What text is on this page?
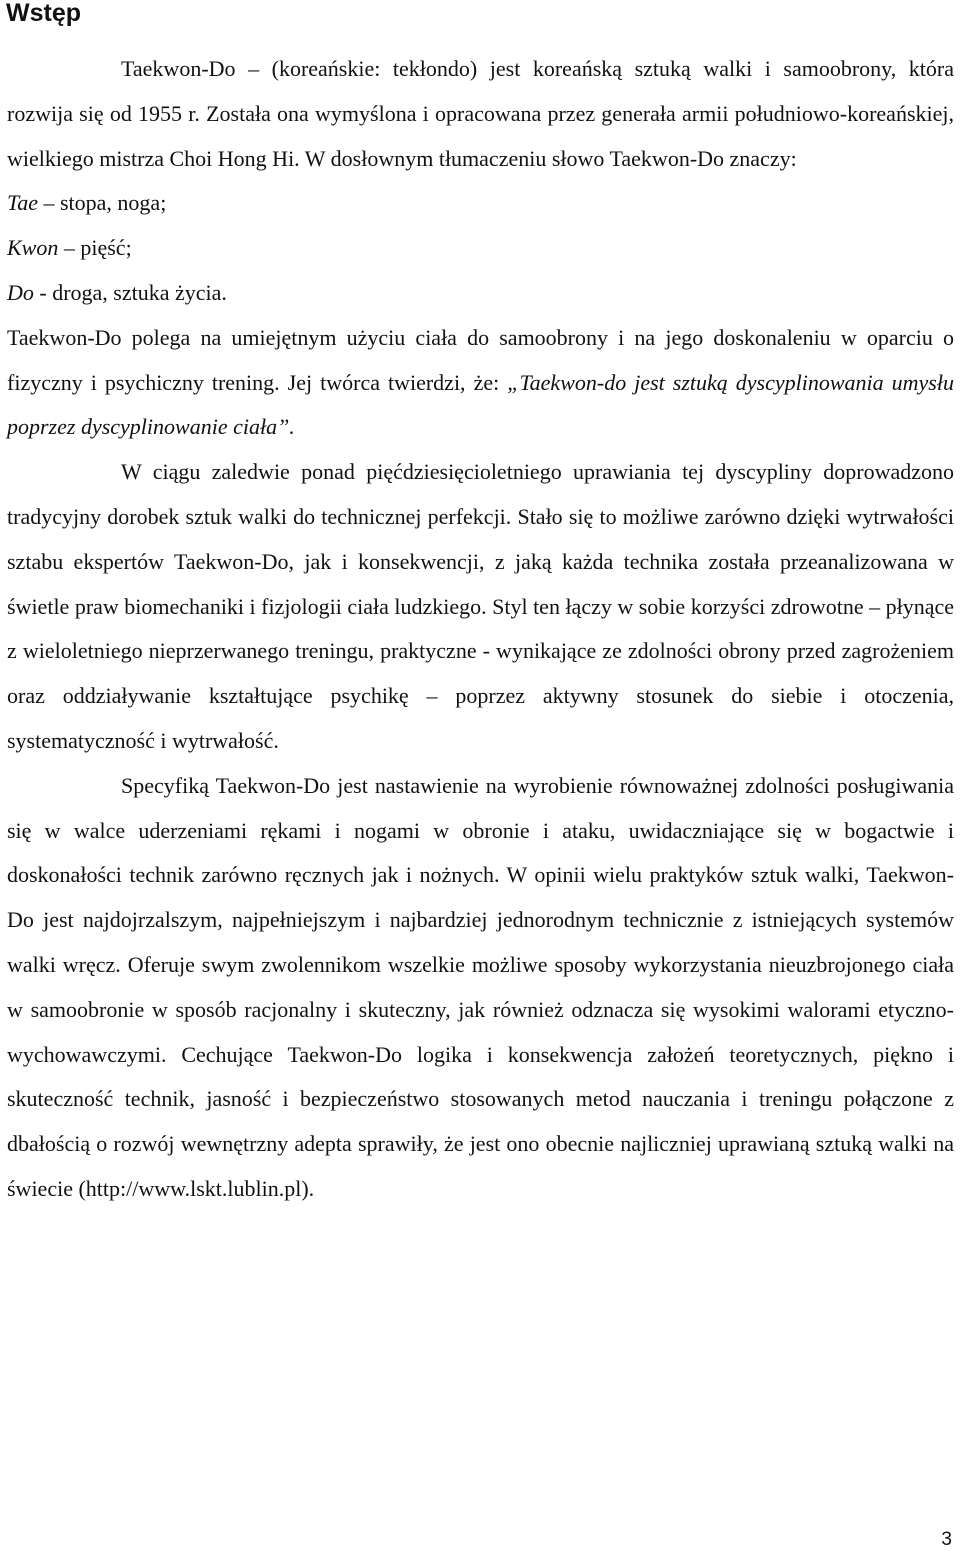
Wstęp

Taekwon-Do – (koreańskie: tekłondo) jest koreańską sztuką walki i samoobrony, która rozwija się od 1955 r. Została ona wymyślona i opracowana przez generała armii południowo-koreańskiej, wielkiego mistrza Choi Hong Hi. W dosłownym tłumaczeniu słowo Taekwon-Do znaczy:

Tae – stopa, noga;

Kwon – pięść;

Do - droga, sztuka życia.

Taekwon-Do polega na umiejętnym użyciu ciała do samoobrony i na jego doskonaleniu w oparciu o fizyczny i psychiczny trening. Jej twórca twierdzi, że: „Taekwon-do jest sztuką dyscyplinowania umysłu poprzez dyscyplinowanie ciała”.

W ciągu zaledwie ponad pięćdziesięcioletniego uprawiania tej dyscypliny doprowadzono tradycyjny dorobek sztuk walki do technicznej perfekcji. Stało się to możliwe zarówno dzięki wytrwałości sztabu ekspertów Taekwon-Do, jak i konsekwencji, z jaką każda technika została przeanalizowana w świetle praw biomechaniki i fizjologii ciała ludzkiego. Styl ten łączy w sobie korzyści zdrowotne – płynące z wieloletniego nieprzerwanego treningu, praktyczne - wynikające ze zdolności obrony przed zagrożeniem oraz oddziaływanie kształtujące psychikę – poprzez aktywny stosunek do siebie i otoczenia, systematyczność i wytrwałość.

Specyfiką Taekwon-Do jest nastawienie na wyrobienie równoważnej zdolności posługiwania się w walce uderzeniami rękami i nogami w obronie i ataku, uwidaczniające się w bogactwie i doskonałości technik zarówno ręcznych jak i nożnych. W opinii wielu praktyków sztuk walki, Taekwon-Do jest najdojrzalszym, najpełniejszym i najbardziej jednorodnym technicznie z istniejących systemów walki wręcz. Oferuje swym zwolennikom wszelkie możliwe sposoby wykorzystania nieuzbrojonego ciała w samoobronie w sposób racjonalny i skuteczny, jak również odznacza się wysokimi walorami etyczno-wychowawczymi. Cechujące Taekwon-Do logika i konsekwencja założeń teoretycznych, piękno i skuteczność technik, jasność i bezpieczeństwo stosowanych metod nauczania i treningu połączone z dbałością o rozwój wewnętrzny adepta sprawiły, że jest ono obecnie najliczniej uprawianą sztuką walki na świecie (http://www.lskt.lublin.pl).

3
